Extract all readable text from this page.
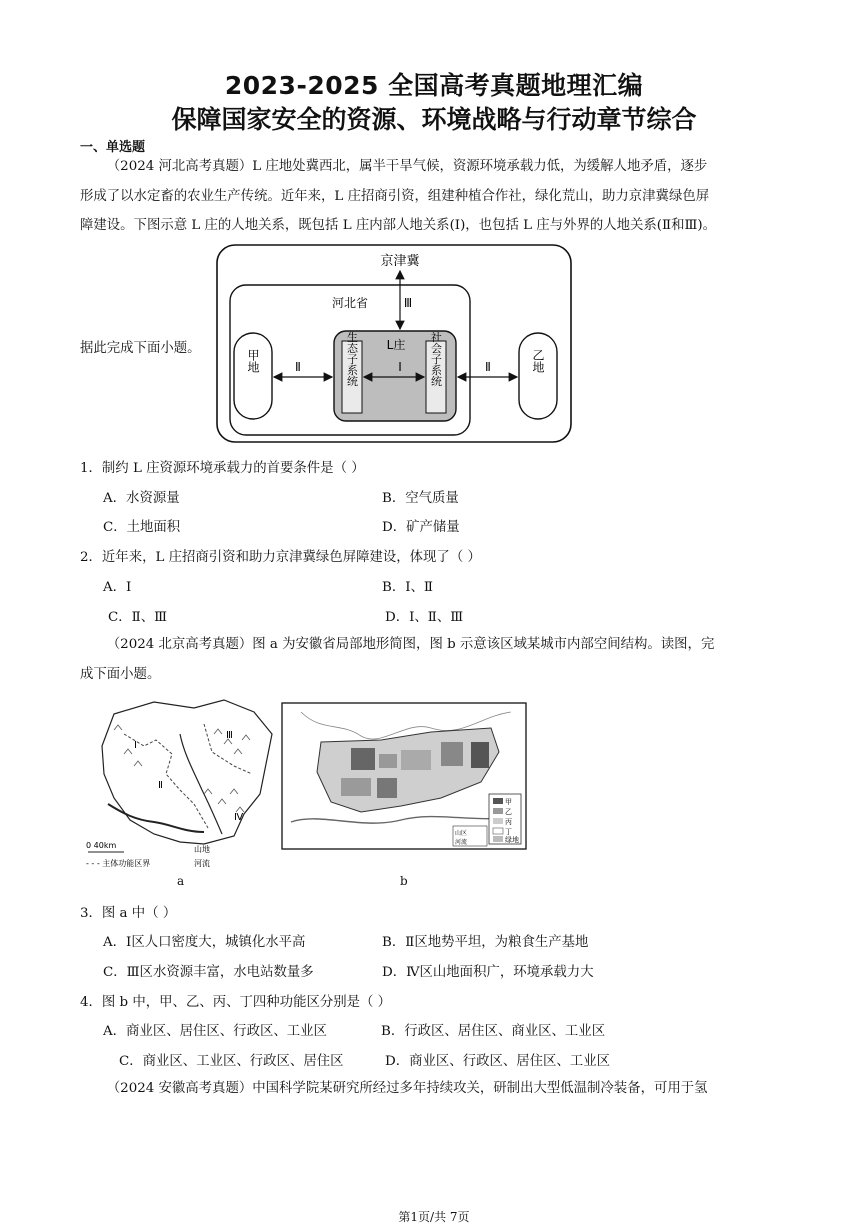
2023-2025 全国高考真题地理汇编
保障国家安全的资源、环境战略与行动章节综合
一、单选题
（2024 河北高考真题）L 庄地处冀西北，属半干旱气候，资源环境承载力低，为缓解人地矛盾，逐步
形成了以水定畜的农业生产传统。近年来，L 庄招商引资，组建种植合作社，绿化荒山，助力京津冀绿色屏
障建设。下图示意 L 庄的人地关系，既包括 L 庄内部人地关系(Ⅰ)，也包括 L 庄与外界的人地关系(Ⅱ和Ⅲ)。
据此完成下面小题。
京津冀
河北省	Ⅲ
L庄
Ⅰ
Ⅱ	Ⅱ
生态子系统	社会子系统
甲地	乙地
1．制约 L 庄资源环境承载力的首要条件是（ ）
A．水资源量	B．空气质量
C．土地面积	D．矿产储量
2．近年来，L 庄招商引资和助力京津冀绿色屏障建设，体现了（ ）
A．Ⅰ	B．Ⅰ、Ⅱ
C．Ⅱ、Ⅲ	D．Ⅰ、Ⅱ、Ⅲ
（2024 北京高考真题）图 a 为安徽省局部地形简图，图 b 示意该区域某城市内部空间结构。读图，完
成下面小题。
Ⅰ
Ⅱ
Ⅲ
Ⅳ
0 40km
- - - 主体功能区界
山地
河流
a
甲
乙
丙
丁
绿地
山区
河流
b
3．图 a 中（ ）
A．Ⅰ区人口密度大，城镇化水平高	B．Ⅱ区地势平坦，为粮食生产基地
C．Ⅲ区水资源丰富，水电站数量多	D．Ⅳ区山地面积广，环境承载力大
4．图 b 中，甲、乙、丙、丁四种功能区分别是（ ）
A．商业区、居住区、行政区、工业区	B．行政区、居住区、商业区、工业区
C．商业区、工业区、行政区、居住区	D．商业区、行政区、居住区、工业区
（2024 安徽高考真题）中国科学院某研究所经过多年持续攻关，研制出大型低温制冷装备，可用于氢
第1页/共 7页
